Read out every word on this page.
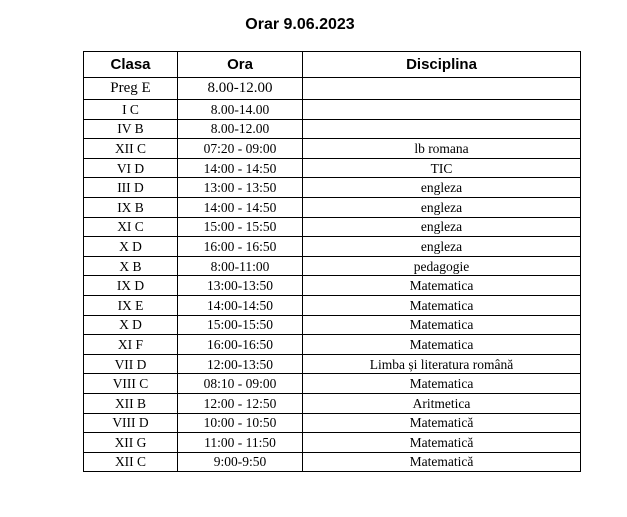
Orar 9.06.2023
Clasa	Ora	Disciplina
Preg E	8.00-12.00	
I C	8.00-14.00	
IV B	8.00-12.00	
XII C	07:20 - 09:00	lb romana
VI D	14:00 - 14:50	TIC
III D	13:00 - 13:50	engleza
IX B	14:00 - 14:50	engleza
XI C	15:00 - 15:50	engleza
X D	16:00 - 16:50	engleza
X B	8:00-11:00	pedagogie
IX D	13:00-13:50	Matematica
IX E	14:00-14:50	Matematica
X D	15:00-15:50	Matematica
XI F	16:00-16:50	Matematica
VII D	12:00-13:50	Limba și literatura română
VIII C	08:10 - 09:00	Matematica
XII B	12:00 - 12:50	Aritmetica
VIII D	10:00 - 10:50	Matematică
XII G	11:00 - 11:50	Matematică
XII C	9:00-9:50	Matematică
